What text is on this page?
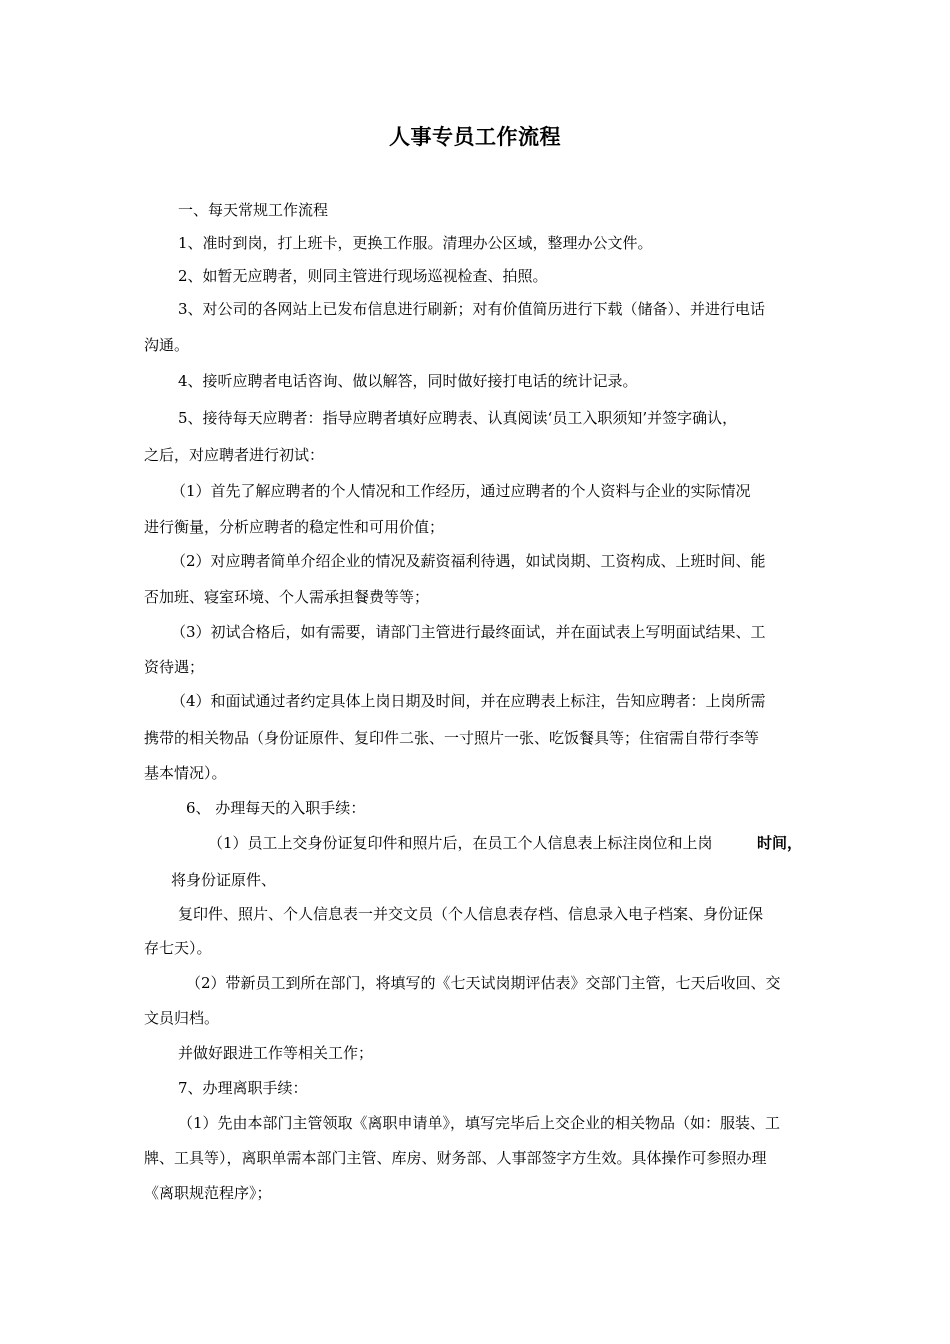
人事专员工作流程
一、每天常规工作流程
1、准时到岗，打上班卡，更换工作服。清理办公区域，整理办公文件。
2、如暂无应聘者，则同主管进行现场巡视检查、拍照。
3、对公司的各网站上已发布信息进行刷新；对有价值简历进行下载（储备）、并进行电话
沟通。
4、接听应聘者电话咨询、做以解答，同时做好接打电话的统计记录。
5、接待每天应聘者：指导应聘者填好应聘表、认真阅读‘员工入职须知’并签字确认，
之后，对应聘者进行初试：
（1）首先了解应聘者的个人情况和工作经历，通过应聘者的个人资料与企业的实际情况
进行衡量，分析应聘者的稳定性和可用价值；
（2）对应聘者简单介绍企业的情况及薪资福利待遇，如试岗期、工资构成、上班时间、能
否加班、寝室环境、个人需承担餐费等等；
（3）初试合格后，如有需要，请部门主管进行最终面试，并在面试表上写明面试结果、工
资待遇；
（4）和面试通过者约定具体上岗日期及时间，并在应聘表上标注，告知应聘者：上岗所需
携带的相关物品（身份证原件、复印件二张、一寸照片一张、吃饭餐具等；住宿需自带行李等
基本情况）。
6、 办理每天的入职手续：
（1）员工上交身份证复印件和照片后，在员工个人信息表上标注岗位和上岗	时间，
将身份证原件、
复印件、照片、个人信息表一并交文员（个人信息表存档、信息录入电子档案、身份证保
存七天）。
（2）带新员工到所在部门，将填写的《七天试岗期评估表》交部门主管，七天后收回、交
文员归档。
并做好跟进工作等相关工作；
7、办理离职手续：
（1）先由本部门主管领取《离职申请单》，填写完毕后上交企业的相关物品（如：服装、工
牌、工具等），离职单需本部门主管、库房、财务部、人事部签字方生效。具体操作可参照办理
《离职规范程序》；
